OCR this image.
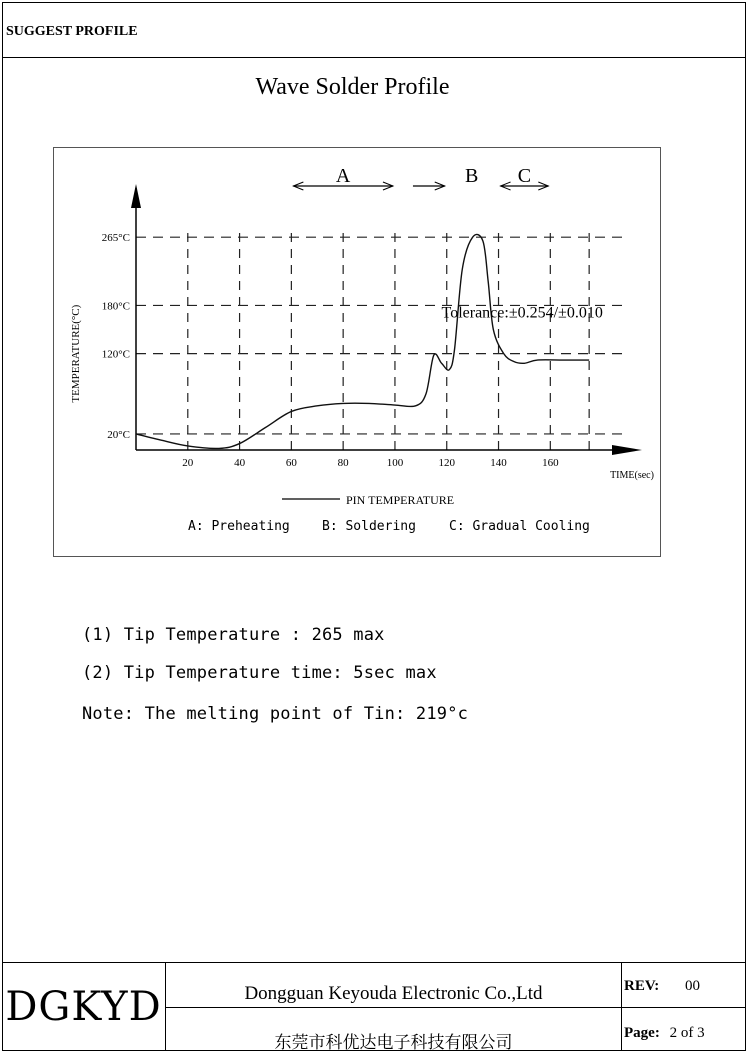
SUGGEST PROFILE
Wave Solder Profile
20	40	60	80	100	120	140	160
20°C
120°C
180°C
265°C
TIME(sec)
TEMPERATURE(°C)
A	B C
Tolerance:±0.254/±0.010
PIN TEMPERATURE
A: Preheating B: Soldering	C: Gradual Cooling
(1) Tip Temperature : 265 max
(2) Tip Temperature time: 5sec max
Note: The melting point of Tin: 219°c
DGKYD	Dongguan Keyouda Electronic Co.,Ltd
东莞市科优达电子科技有限公司
REV: 00
Page: 2 of 3
